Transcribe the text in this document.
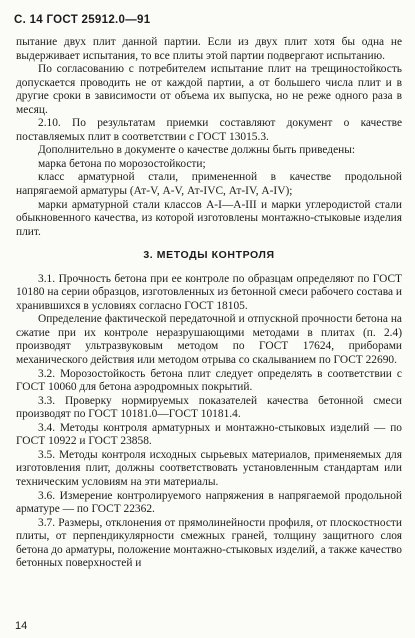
С. 14 ГОСТ 25912.0—91

пытание двух плит данной партии. Если из двух плит хотя бы одна не выдерживает испытания, то все плиты этой партии подвергают испытанию.

По согласованию с потребителем испытание плит на трещиностойкость допускается проводить не от каждой партии, а от большего числа плит и в другие сроки в зависимости от объема их выпуска, но не реже одного раза в месяц.

2.10. По результатам приемки составляют документ о качестве поставляемых плит в соответствии с ГОСТ 13015.3.

Дополнительно в документе о качестве должны быть приведены:

марка бетона по морозостойкости;

класс арматурной стали, примененной в качестве продольной напрягаемой арматуры (Ат-V, А-V, Ат-IVC, Ат-IV, А-IV);

марки арматурной стали классов А-I—А-III и марки углеродистой стали обыкновенного качества, из которой изготовлены монтажно-стыковые изделия плит.

3. МЕТОДЫ КОНТРОЛЯ

3.1. Прочность бетона при ее контроле по образцам определяют по ГОСТ 10180 на серии образцов, изготовленных из бетонной смеси рабочего состава и хранившихся в условиях согласно ГОСТ 18105.

Определение фактической передаточной и отпускной прочности бетона на сжатие при их контроле неразрушающими методами в плитах (п. 2.4) производят ультразвуковым методом по ГОСТ 17624, приборами механического действия или методом отрыва со скалыванием по ГОСТ 22690.

3.2. Морозостойкость бетона плит следует определять в соответствии с ГОСТ 10060 для бетона аэродромных покрытий.

3.3. Проверку нормируемых показателей качества бетонной смеси производят по ГОСТ 10181.0—ГОСТ 10181.4.

3.4. Методы контроля арматурных и монтажно-стыковых изделий — по ГОСТ 10922 и ГОСТ 23858.

3.5. Методы контроля исходных сырьевых материалов, применяемых для изготовления плит, должны соответствовать установленным стандартам или техническим условиям на эти материалы.

3.6. Измерение контролируемого напряжения в напрягаемой продольной арматуре — по ГОСТ 22362.

3.7. Размеры, отклонения от прямолинейности профиля, от плоскостности плиты, от перпендикулярности смежных граней, толщину защитного слоя бетона до арматуры, положение монтажно-стыковых изделий, а также качество бетонных поверхностей и

14
